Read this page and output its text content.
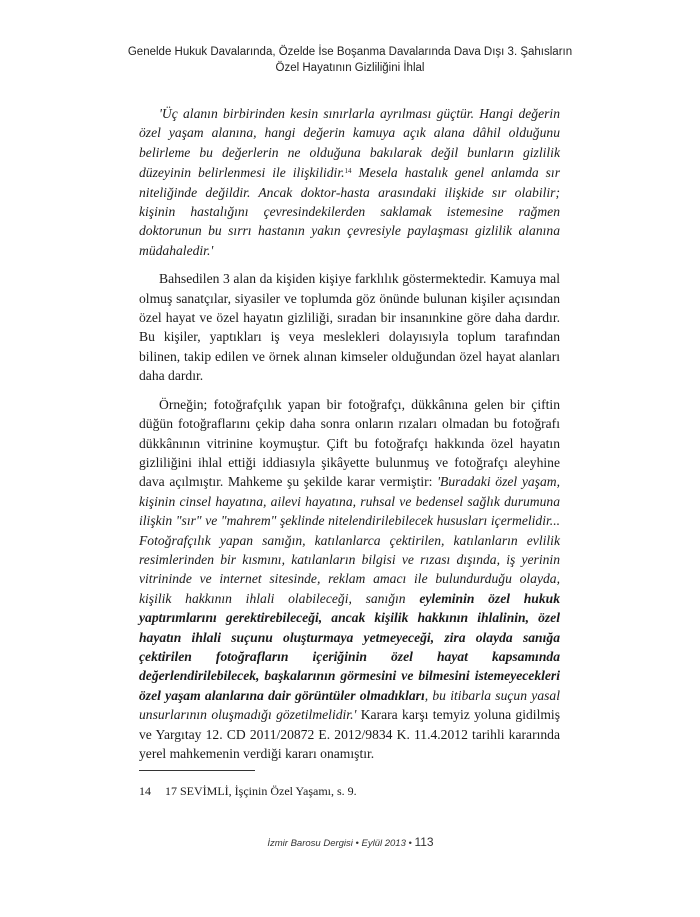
Genelde Hukuk Davalarında, Özelde İse Boşanma Davalarında Dava Dışı 3. Şahısların
Özel Hayatının Gizliliğini İhlal

'Üç alanın birbirinden kesin sınırlarla ayrılması güçtür. Hangi değerin özel yaşam alanına, hangi değerin kamuya açık alana dâhil olduğunu belirleme bu değerlerin ne olduğuna bakılarak değil bunların gizlilik düzeyinin belirlenmesi ile ilişkilidir.$^{14}$ Mesela hastalık genel anlamda sır niteliğinde değildir. Ancak doktor-hasta arasındaki ilişkide sır olabilir; kişinin hastalığını çevresindekilerden saklamak istemesine rağmen doktorunun bu sırrı hastanın yakın çevresiyle paylaşması gizlilik alanına müdahaledir.'

Bahsedilen 3 alan da kişiden kişiye farklılık göstermektedir. Kamuya mal olmuş sanatçılar, siyasiler ve toplumda göz önünde bulunan kişiler açısından özel hayat ve özel hayatın gizliliği, sıradan bir insanınkine göre daha dardır. Bu kişiler, yaptıkları iş veya meslekleri dolayısıyla toplum tarafından bilinen, takip edilen ve örnek alınan kimseler olduğundan özel hayat alanları daha dardır.

Örneğin; fotoğrafçılık yapan bir fotoğrafçı, dükkânına gelen bir çiftin düğün fotoğraflarını çekip daha sonra onların rızaları olmadan bu fotoğrafı dükkânının vitrinine koymuştur. Çift bu fotoğrafçı hakkında özel hayatın gizliliğini ihlal ettiği iddiasıyla şikâyette bulunmuş ve fotoğrafçı aleyhine dava açılmıştır. Mahkeme şu şekilde karar vermiştir: 'Buradaki özel yaşam, kişinin cinsel hayatına, ailevi hayatına, ruhsal ve bedensel sağlık durumuna ilişkin "sır" ve "mahrem" şeklinde nitelendirilebilecek hususları içermelidir... Fotoğrafçılık yapan sanığın, katılanlarca çektirilen, katılanların evlilik resimlerinden bir kısmını, katılanların bilgisi ve rızası dışında, iş yerinin vitrininde ve internet sitesinde, reklam amacı ile bulundurduğu olayda, kişilik hakkının ihlali olabileceği, sanığın eyleminin özel hukuk yaptırımlarını gerektirebileceği, ancak kişilik hakkının ihlalinin, özel hayatın ihlali suçunu oluşturmaya yetmeyeceği, zira olayda sanığa çektirilen fotoğrafların içeriğinin özel hayat kapsamında değerlendirilebilecek, başkalarının görmesini ve bilmesini istemeyecekleri özel yaşam alanlarına dair görüntüler olmadıkları, bu itibarla suçun yasal unsurlarının oluşmadığı gözetilmelidir.' Karara karşı temyiz yoluna gidilmiş ve Yargıtay 12. CD 2011/20872 E. 2012/9834 K. 11.4.2012 tarihli kararında yerel mahkemenin verdiği kararı onamıştır.

14 17 SEVİMLİ, İşçinin Özel Yaşamı, s. 9.
İzmir Barosu Dergisi • Eylül 2013 • 113
